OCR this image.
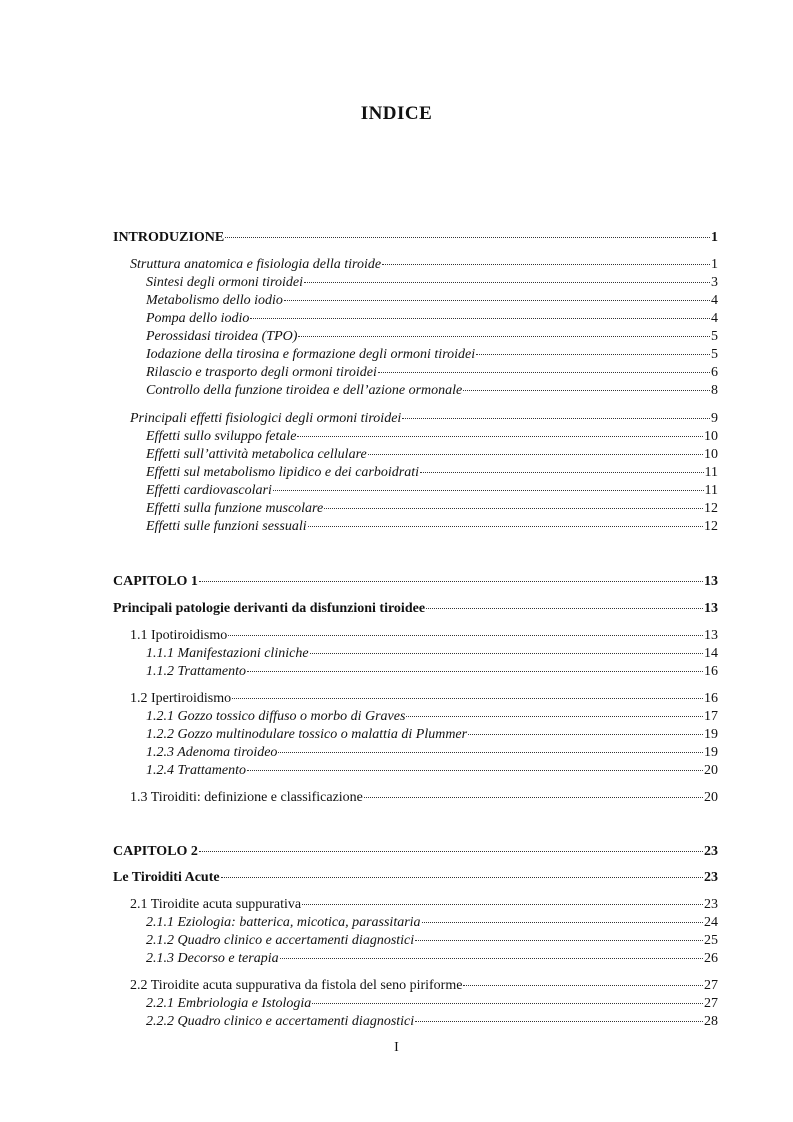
INDICE
INTRODUZIONE	1
Struttura anatomica e fisiologia della tiroide	1
Sintesi degli ormoni tiroidei	3
Metabolismo dello iodio	4
Pompa dello iodio	4
Perossidasi tiroidea (TPO)	5
Iodazione della tirosina e formazione degli ormoni tiroidei	5
Rilascio e trasporto degli ormoni tiroidei	6
Controllo della funzione tiroidea e dell’azione ormonale	8
Principali effetti fisiologici degli ormoni tiroidei	9
Effetti sullo sviluppo fetale	10
Effetti sull’attività metabolica cellulare	10
Effetti sul metabolismo lipidico e dei carboidrati	11
Effetti cardiovascolari	11
Effetti sulla funzione muscolare	12
Effetti sulle funzioni sessuali	12
CAPITOLO 1	13
Principali patologie derivanti da disfunzioni tiroidee	13
1.1 Ipotiroidismo	13
1.1.1 Manifestazioni cliniche	14
1.1.2 Trattamento	16
1.2 Ipertiroidismo	16
1.2.1 Gozzo tossico diffuso o morbo di Graves	17
1.2.2 Gozzo multinodulare tossico o malattia di Plummer	19
1.2.3 Adenoma tiroideo	19
1.2.4 Trattamento	20
1.3 Tiroiditi: definizione e classificazione	20
CAPITOLO 2	23
Le Tiroiditi Acute	23
2.1 Tiroidite acuta suppurativa	23
2.1.1 Eziologia: batterica, micotica, parassitaria	24
2.1.2 Quadro clinico e accertamenti diagnostici	25
2.1.3 Decorso e terapia	26
2.2 Tiroidite acuta suppurativa da fistola del seno piriforme	27
2.2.1 Embriologia e Istologia	27
2.2.2 Quadro clinico e accertamenti diagnostici	28
I
